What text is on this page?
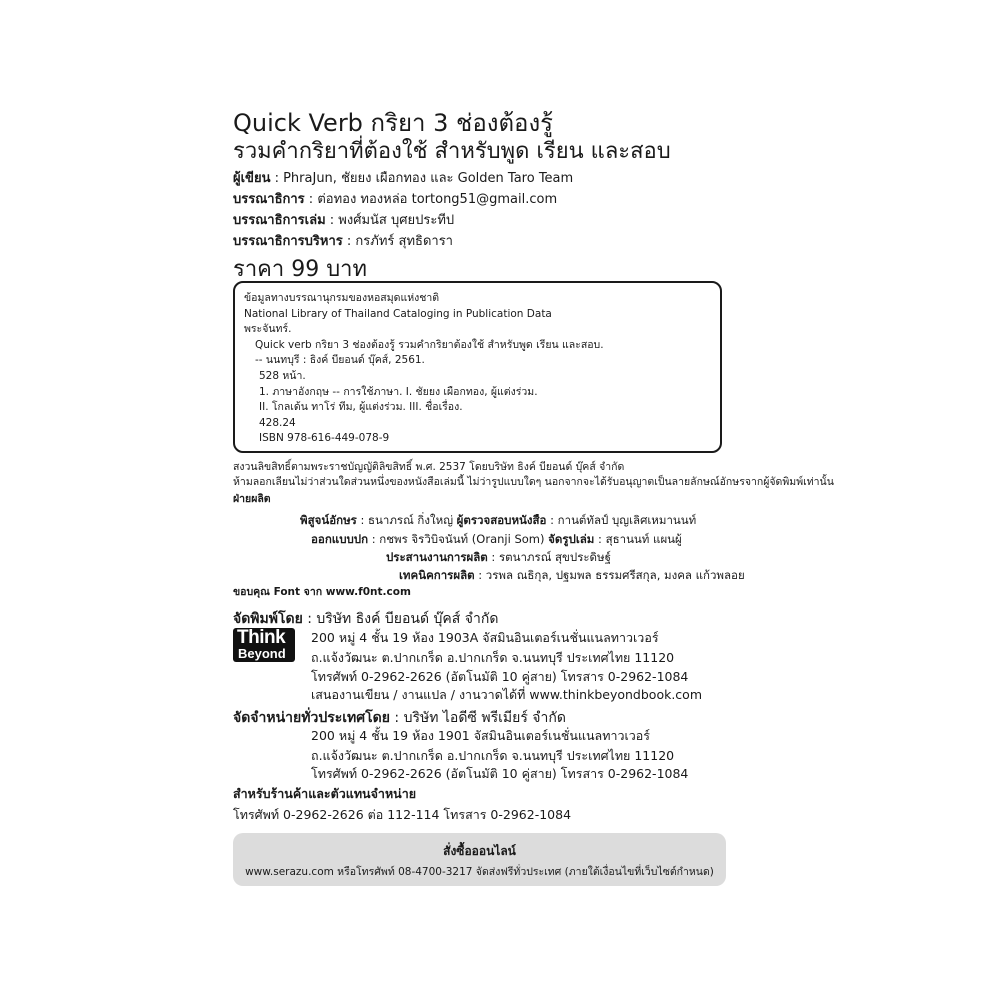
Quick Verb กริยา 3 ช่องต้องรู้
รวมคำกริยาที่ต้องใช้ สำหรับพูด เรียน และสอบ
ผู้เขียน : PhraJun, ชัยยง เผือกทอง และ Golden Taro Team
บรรณาธิการ : ต่อทอง ทองหล่อ tortong51@gmail.com
บรรณาธิการเล่ม : พงศ์มนัส บุศยประทีป
บรรณาธิการบริหาร : กรภัทร์ สุทธิดารา
ราคา 99 บาท
ข้อมูลทางบรรณานุกรมของหอสมุดแห่งชาติ
National Library of Thailand Cataloging in Publication Data
พระจันทร์.
Quick verb กริยา 3 ช่องต้องรู้ รวมคำกริยาต้องใช้ สำหรับพูด เรียน และสอบ.
-- นนทบุรี : ธิงค์ บียอนด์ บุ๊คส์, 2561.
528 หน้า.
1. ภาษาอังกฤษ -- การใช้ภาษา. I. ชัยยง เผือกทอง, ผู้แต่งร่วม.
II. โกลเด้น ทาโร่ ทีม, ผู้แต่งร่วม. III. ชื่อเรื่อง.
428.24
ISBN 978-616-449-078-9
สงวนลิขสิทธิ์ตามพระราชบัญญัติลิขสิทธิ์ พ.ศ. 2537 โดยบริษัท ธิงค์ บียอนด์ บุ๊คส์ จำกัด
ห้ามลอกเลียนไม่ว่าส่วนใดส่วนหนึ่งของหนังสือเล่มนี้ ไม่ว่ารูปแบบใดๆ นอกจากจะได้รับอนุญาตเป็นลายลักษณ์อักษรจากผู้จัดพิมพ์เท่านั้น
ฝ่ายผลิต
พิสูจน์อักษร : ธนาภรณ์ กิ่งใหญ่ ผู้ตรวจสอบหนังสือ : กานต์ทัลป์ บุญเลิศเหมานนท์
ออกแบบปก : กชพร จิรวิบิจนันท์ (Oranji Som) จัดรูปเล่ม : สุธานนท์ แผนผู้
ประสานงานการผลิต : รตนาภรณ์ สุขประดิษฐ์
เทคนิคการผลิต : วรพล ณธิกุล, ปฐมพล ธรรมศรีสกุล, มงคล แก้วพลอย
ขอบคุณ Font จาก www.f0nt.com
จัดพิมพ์โดย : บริษัท ธิงค์ บียอนด์ บุ๊คส์ จำกัด
Think
Beyond
200 หมู่ 4 ชั้น 19 ห้อง 1903A จัสมินอินเตอร์เนชั่นแนลทาวเวอร์
ถ.แจ้งวัฒนะ ต.ปากเกร็ด อ.ปากเกร็ด จ.นนทบุรี ประเทศไทย 11120
โทรศัพท์ 0-2962-2626 (อัตโนมัติ 10 คู่สาย) โทรสาร 0-2962-1084
เสนองานเขียน / งานแปล / งานวาดได้ที่ www.thinkbeyondbook.com
จัดจำหน่ายทั่วประเทศโดย : บริษัท ไอดีซี พรีเมียร์ จำกัด
200 หมู่ 4 ชั้น 19 ห้อง 1901 จัสมินอินเตอร์เนชั่นแนลทาวเวอร์
ถ.แจ้งวัฒนะ ต.ปากเกร็ด อ.ปากเกร็ด จ.นนทบุรี ประเทศไทย 11120
โทรศัพท์ 0-2962-2626 (อัตโนมัติ 10 คู่สาย) โทรสาร 0-2962-1084
สำหรับร้านค้าและตัวแทนจำหน่าย
โทรศัพท์ 0-2962-2626 ต่อ 112-114 โทรสาร 0-2962-1084
สั่งซื้อออนไลน์
www.serazu.com หรือโทรศัพท์ 08-4700-3217 จัดส่งฟรีทั่วประเทศ (ภายใต้เงื่อนไขที่เว็บไซต์กำหนด)
